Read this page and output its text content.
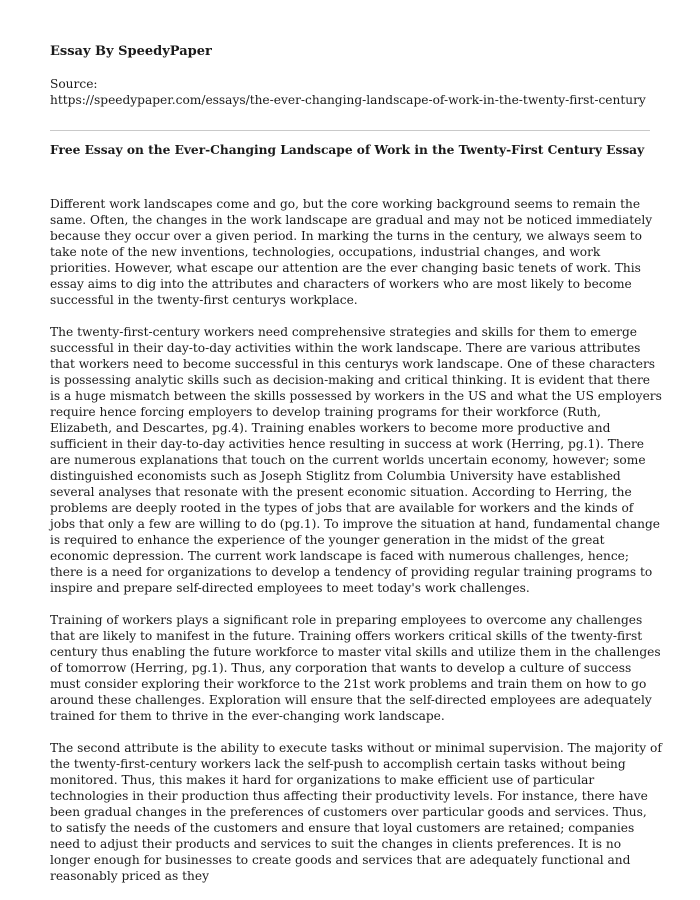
Essay By SpeedyPaper
Source:
https://speedypaper.com/essays/the-ever-changing-landscape-of-work-in-the-twenty-first-century
Free Essay on the Ever-Changing Landscape of Work in the Twenty-First Century Essay

Different work landscapes come and go, but the core working background seems to remain the same. Often, the changes in the work landscape are gradual and may not be noticed immediately because they occur over a given period. In marking the turns in the century, we always seem to take note of the new inventions, technologies, occupations, industrial changes, and work priorities. However, what escape our attention are the ever changing basic tenets of work. This essay aims to dig into the attributes and characters of workers who are most likely to become successful in the twenty-first centurys workplace.

The twenty-first-century workers need comprehensive strategies and skills for them to emerge successful in their day-to-day activities within the work landscape. There are various attributes that workers need to become successful in this centurys work landscape. One of these characters is possessing analytic skills such as decision-making and critical thinking. It is evident that there is a huge mismatch between the skills possessed by workers in the US and what the US employers require hence forcing employers to develop training programs for their workforce (Ruth, Elizabeth, and Descartes, pg.4). Training enables workers to become more productive and sufficient in their day-to-day activities hence resulting in success at work (Herring, pg.1). There are numerous explanations that touch on the current worlds uncertain economy, however; some distinguished economists such as Joseph Stiglitz from Columbia University have established several analyses that resonate with the present economic situation. According to Herring, the problems are deeply rooted in the types of jobs that are available for workers and the kinds of jobs that only a few are willing to do (pg.1). To improve the situation at hand, fundamental change is required to enhance the experience of the younger generation in the midst of the great economic depression. The current work landscape is faced with numerous challenges, hence; there is a need for organizations to develop a tendency of providing regular training programs to inspire and prepare self-directed employees to meet today's work challenges.

Training of workers plays a significant role in preparing employees to overcome any challenges that are likely to manifest in the future. Training offers workers critical skills of the twenty-first century thus enabling the future workforce to master vital skills and utilize them in the challenges of tomorrow (Herring, pg.1). Thus, any corporation that wants to develop a culture of success must consider exploring their workforce to the 21st work problems and train them on how to go around these challenges. Exploration will ensure that the self-directed employees are adequately trained for them to thrive in the ever-changing work landscape.

The second attribute is the ability to execute tasks without or minimal supervision. The majority of the twenty-first-century workers lack the self-push to accomplish certain tasks without being monitored. Thus, this makes it hard for organizations to make efficient use of particular technologies in their production thus affecting their productivity levels. For instance, there have been gradual changes in the preferences of customers over particular goods and services. Thus, to satisfy the needs of the customers and ensure that loyal customers are retained; companies need to adjust their products and services to suit the changes in clients preferences. It is no longer enough for businesses to create goods and services that are adequately functional and reasonably priced as they
